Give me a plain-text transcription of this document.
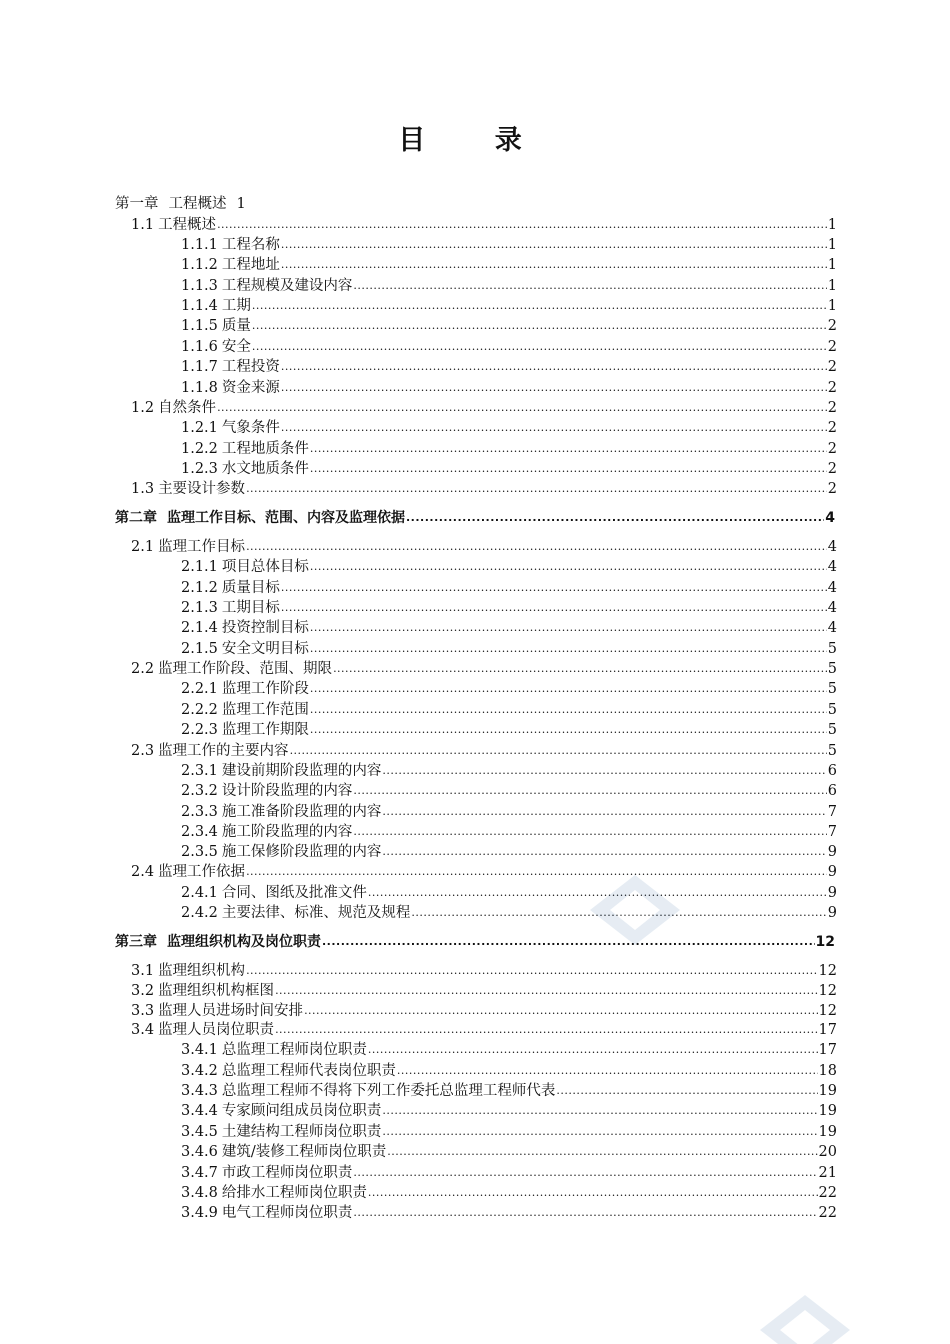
目 录
第一章 工程概述 1
1.1 工程概述 .....	1
1.1.1 工程名称 .....	1
1.1.2 工程地址 .....	1
1.1.3 工程规模及建设内容 .....	1
1.1.4 工期 .....	1
1.1.5 质量 .....	2
1.1.6 安全 .....	2
1.1.7 工程投资 .....	2
1.1.8 资金来源 .....	2
1.2 自然条件 .....	2
1.2.1 气象条件 .....	2
1.2.2 工程地质条件 .....	2
1.2.3 水文地质条件 .....	2
1.3 主要设计参数 .....	2
第二章 监理工作目标、范围、内容及监理依据 .....	4
2.1 监理工作目标 .....	4
2.1.1 项目总体目标 .....	4
2.1.2 质量目标 .....	4
2.1.3 工期目标 .....	4
2.1.4 投资控制目标 .....	4
2.1.5 安全文明目标 .....	5
2.2 监理工作阶段、范围、期限 .....	5
2.2.1 监理工作阶段 .....	5
2.2.2 监理工作范围 .....	5
2.2.3 监理工作期限 .....	5
2.3 监理工作的主要内容 .....	5
2.3.1 建设前期阶段监理的内容 .....	6
2.3.2 设计阶段监理的内容 .....	6
2.3.3 施工准备阶段监理的内容 .....	7
2.3.4 施工阶段监理的内容 .....	7
2.3.5 施工保修阶段监理的内容 .....	9
2.4 监理工作依据 .....	9
2.4.1 合同、图纸及批准文件 .....	9
2.4.2 主要法律、标准、规范及规程 .....	9
第三章 监理组织机构及岗位职责 .....	12
3.1 监理组织机构 .....	12
3.2 监理组织机构框图 .....	12
3.3 监理人员进场时间安排 .....	12
3.4 监理人员岗位职责 .....	17
3.4.1 总监理工程师岗位职责 .....	17
3.4.2 总监理工程师代表岗位职责 .....	18
3.4.3 总监理工程师不得将下列工作委托总监理工程师代表 .....	19
3.4.4 专家顾问组成员岗位职责 .....	19
3.4.5 土建结构工程师岗位职责 .....	19
3.4.6 建筑/装修工程师岗位职责 .....	20
3.4.7 市政工程师岗位职责 .....	21
3.4.8 给排水工程师岗位职责 .....	22
3.4.9 电气工程师岗位职责 .....	22
